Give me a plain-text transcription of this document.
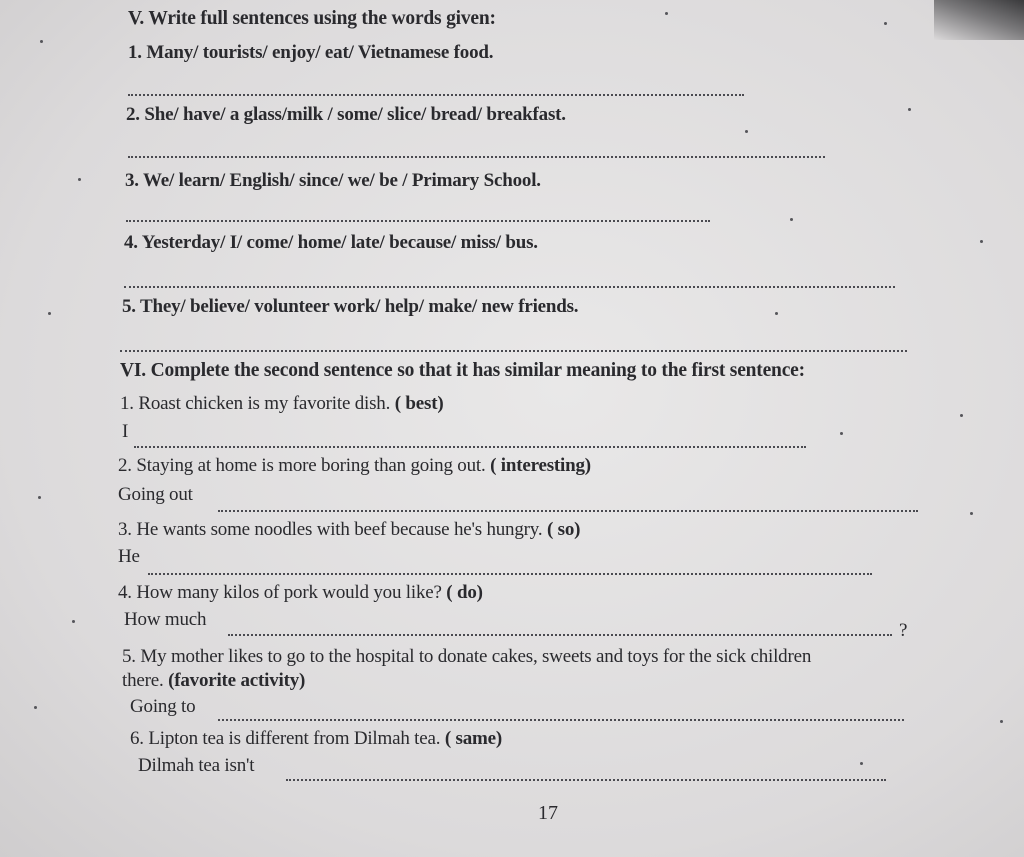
V. Write full sentences using the words given:
1. Many/ tourists/ enjoy/ eat/ Vietnamese food.
2. She/ have/ a glass/milk / some/ slice/ bread/ breakfast.
3. We/ learn/ English/ since/ we/ be / Primary School.
4. Yesterday/ I/ come/ home/ late/ because/ miss/ bus.
5. They/ believe/ volunteer work/ help/ make/ new friends.
VI. Complete the second sentence so that it has similar meaning to the first sentence:
1. Roast chicken is my favorite dish. ( best)
I
2. Staying at home is more boring than going out. ( interesting)
Going out
3. He wants some noodles with beef because he's hungry. ( so)
He
4. How many kilos of pork would you like? ( do)
How much
?
5. My mother likes to go to the hospital to donate cakes, sweets and toys for the sick children
there. (favorite activity)
Going to
6. Lipton tea is different from Dilmah tea. ( same)
Dilmah tea isn't
17
